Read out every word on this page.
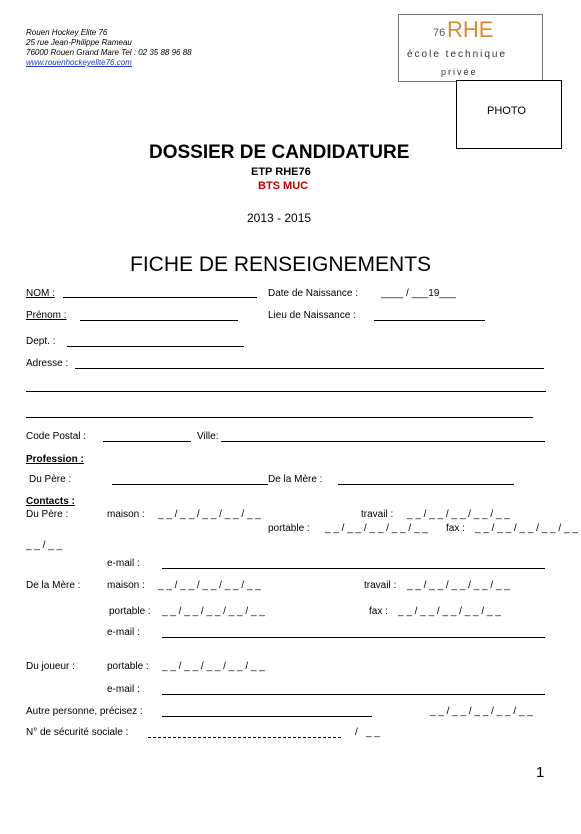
Rouen Hockey Elite 76
25 rue Jean-Philippe Rameau
76000 Rouen Grand Mare Tel : 02 35 88 96 88
www.rouenhockeyelite76.com
76 RHE
école technique
privée
PHOTO
DOSSIER DE CANDIDATURE
ETP RHE76
BTS MUC
2013 - 2015
FICHE DE RENSEIGNEMENTS
NOM :	Date de Naissance : ____ / ___19___
Prénom :	Lieu de Naissance :
Dept. :
Adresse :
Code Postal :	Ville:
Profession :
Du Père :	De la Mère :
Contacts :
Du Père :	maison : _ _ / _ _ / _ _ / _ _ / _ _	travail : _ _ / _ _ / _ _ / _ _ / _ _
portable : _ _ / _ _ / _ _ / _ _ / _ _ fax : _ _ / _ _ / _ _ / _ _ / _ _
_ _ / _ _
e-mail :
De la Mère :	maison : _ _ / _ _ / _ _ / _ _ / _ _	travail : _ _ / _ _ / _ _ / _ _ / _ _
portable : _ _ / _ _ / _ _ / _ _ / _ _	fax : _ _ / _ _ / _ _ / _ _ / _ _
e-mail :
Du joueur :	portable : _ _ / _ _ / _ _ / _ _ / _ _
e-mail :
Autre personne, précisez :	_ _ / _ _ / _ _ / _ _ / _ _
N° de sécurité sociale :	/ _ _
1
